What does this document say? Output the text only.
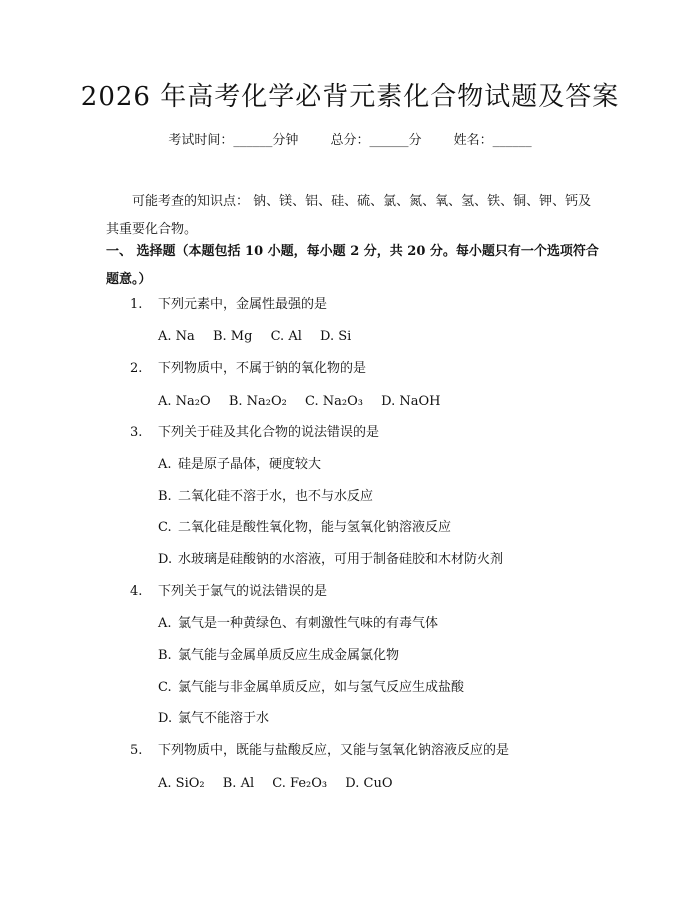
2026 年高考化学必背元素化合物试题及答案
考试时间：______分钟 总分：______分 姓名：______
可能考查的知识点： 钠、镁、铝、硅、硫、氯、氮、氧、氢、铁、铜、钾、钙及其重要化合物。
一、 选择题（本题包括 10 小题，每小题 2 分，共 20 分。每小题只有一个选项符合题意。）
1. 下列元素中，金属性最强的是
A. Na B. Mg C. Al D. Si
2. 下列物质中，不属于钠的氧化物的是
A. Na₂O B. Na₂O₂ C. Na₂O₃ D. NaOH
3. 下列关于硅及其化合物的说法错误的是
A. 硅是原子晶体，硬度较大
B. 二氧化硅不溶于水，也不与水反应
C. 二氧化硅是酸性氧化物，能与氢氧化钠溶液反应
D. 水玻璃是硅酸钠的水溶液，可用于制备硅胶和木材防火剂
4. 下列关于氯气的说法错误的是
A. 氯气是一种黄绿色、有刺激性气味的有毒气体
B. 氯气能与金属单质反应生成金属氯化物
C. 氯气能与非金属单质反应，如与氢气反应生成盐酸
D. 氯气不能溶于水
5. 下列物质中，既能与盐酸反应，又能与氢氧化钠溶液反应的是
A. SiO₂ B. Al C. Fe₂O₃ D. CuO
